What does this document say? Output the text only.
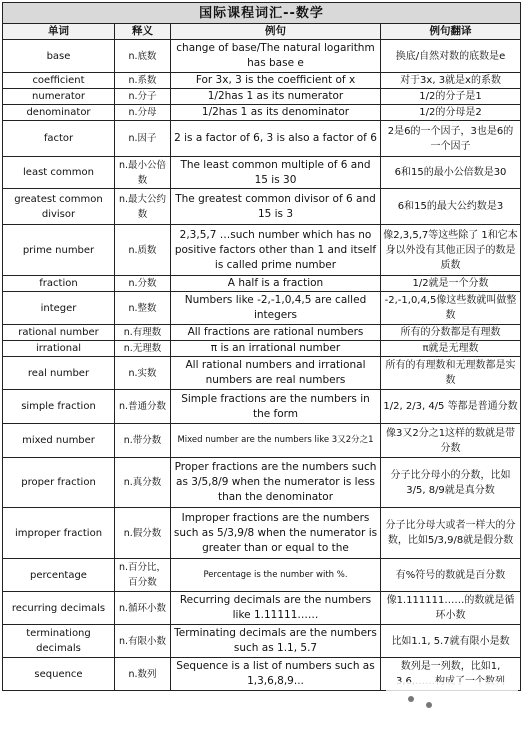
国际课程词汇--数学			
单词	释义	例句	例句翻译
base	n.底数	change of base/The natural logarithm has base e	换底/自然对数的底数是e
coefficient	n.系数	For 3x, 3 is the coefficient of x	对于3x, 3就是x的系数
numerator	n.分子	1/2has 1 as its numerator	1/2的分子是1
denominator	n.分母	1/2has 1 as its denominator	1/2的分母是2
factor	n.因子	2 is a factor of 6, 3 is also a factor of 6	2是6的一个因子，3也是6的一个因子
least common	n.最小公倍数	The least common multiple of 6 and 15 is 30	6和15的最小公倍数是30
greatest common divisor	n.最大公约数	The greatest common divisor of 6 and 15 is 3	6和15的最大公约数是3
prime number	n.质数	2,3,5,7 …such number which has no positive factors other than 1 and itself is called prime number	像2,3,5,7等这些除了 1和它本身以外没有其他正因子的数是质数
fraction	n.分数	A half is a fraction	1/2就是一个分数
integer	n.整数	Numbers like -2,-1,0,4,5 are called integers	-2,-1,0,4,5像这些数就叫做整数
rational number	n.有理数	All fractions are rational numbers	所有的分数都是有理数
irrational	n.无理数	π is an irrational number	π就是无理数
real number	n.实数	All rational numbers and irrational numbers are real numbers	所有的有理数和无理数都是实数
simple fraction	n.普通分数	Simple fractions are the numbers in the form	1/2, 2/3, 4/5 等都是普通分数
mixed number	n.带分数	Mixed number are the numbers like 3又2分之1	像3又2分之1这样的数就是带分数
proper fraction	n.真分数	Proper fractions are the numbers such as 3/5,8/9 when the numerator is less than the denominator	分子比分母小的分数，比如3/5, 8/9就是真分数
improper fraction	n.假分数	Improper fractions are the numbers such as 5/3,9/8 when the numerator is greater than or equal to the	分子比分母大或者一样大的分数，比如5/3,9/8就是假分数
percentage	n.百分比，百分数	Percentage is the number with %.	有%符号的数就是百分数
recurring decimals	n.循环小数	Recurring decimals are the numbers like 1.11111……	像1.111111……的数就是循环小数
terminationg decimals	n.有限小数	Terminating decimals are the numbers such as 1.1, 5.7	比如1.1, 5.7就有限小是数
sequence	n.数列	Sequence is a list of numbers such as 1,3,6,8,9...	数列是一列数，比如1,
